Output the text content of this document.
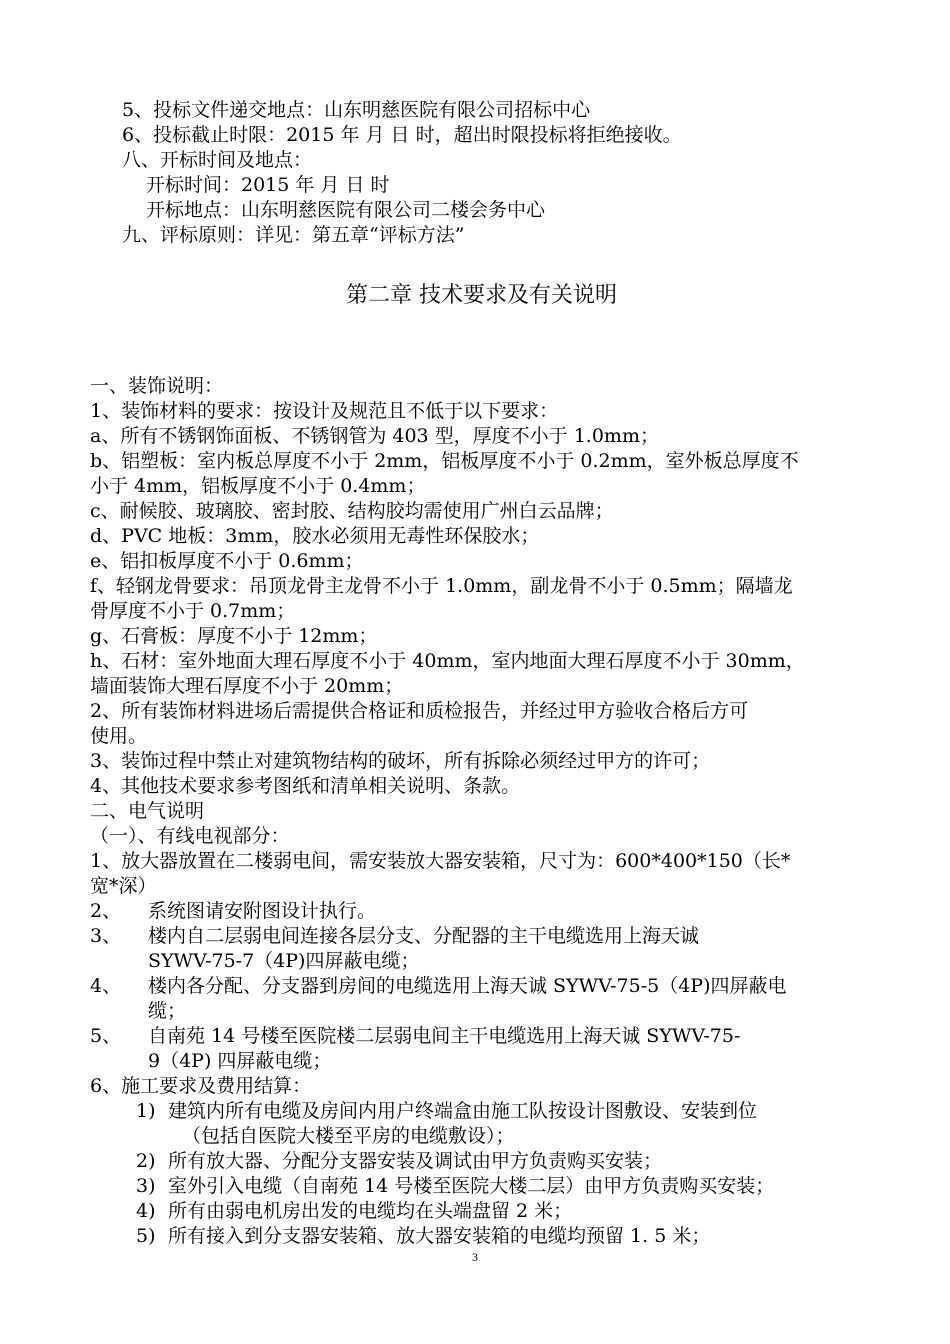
5、投标文件递交地点：山东明慈医院有限公司招标中心
6、投标截止时限：2015 年 月 日 时，超出时限投标将拒绝接收。
八、开标时间及地点：
开标时间：2015 年 月 日 时
开标地点：山东明慈医院有限公司二楼会务中心
九、评标原则：详见：第五章“评标方法”
第二章 技术要求及有关说明
一、装饰说明：
1、装饰材料的要求：按设计及规范且不低于以下要求：
a、所有不锈钢饰面板、不锈钢管为 403 型，厚度不小于 1.0mm；
b、铝塑板：室内板总厚度不小于 2mm，铝板厚度不小于 0.2mm，室外板总厚度不
小于 4mm，铝板厚度不小于 0.4mm；
c、耐候胶、玻璃胶、密封胶、结构胶均需使用广州白云品牌；
d、PVC 地板：3mm，胶水必须用无毒性环保胶水；
e、铝扣板厚度不小于 0.6mm；
f、轻钢龙骨要求：吊顶龙骨主龙骨不小于 1.0mm，副龙骨不小于 0.5mm；隔墙龙
骨厚度不小于 0.7mm；
g、石膏板：厚度不小于 12mm；
h、石材：室外地面大理石厚度不小于 40mm，室内地面大理石厚度不小于 30mm，
墙面装饰大理石厚度不小于 20mm；
2、所有装饰材料进场后需提供合格证和质检报告，并经过甲方验收合格后方可
使用。
3、装饰过程中禁止对建筑物结构的破坏，所有拆除必须经过甲方的许可；
4、其他技术要求参考图纸和清单相关说明、条款。
二、电气说明
（一）、有线电视部分：
1、放大器放置在二楼弱电间，需安装放大器安装箱，尺寸为：600*400*150（长*
宽*深）
2、 系统图请安附图设计执行。
3、 楼内自二层弱电间连接各层分支、分配器的主干电缆选用上海天诚
SYWV-75-7（4P)四屏蔽电缆；
4、 楼内各分配、分支器到房间的电缆选用上海天诚 SYWV-75-5（4P)四屏蔽电
缆；
5、 自南苑 14 号楼至医院楼二层弱电间主干电缆选用上海天诚 SYWV-75-
9（4P) 四屏蔽电缆；
6、施工要求及费用结算：
1) 建筑内所有电缆及房间内用户终端盒由施工队按设计图敷设、安装到位
（包括自医院大楼至平房的电缆敷设）；
2) 所有放大器、分配分支器安装及调试由甲方负责购买安装；
3) 室外引入电缆（自南苑 14 号楼至医院大楼二层）由甲方负责购买安装；
4) 所有由弱电机房出发的电缆均在头端盘留 2 米；
5) 所有接入到分支器安装箱、放大器安装箱的电缆均预留 1. 5 米；
3
